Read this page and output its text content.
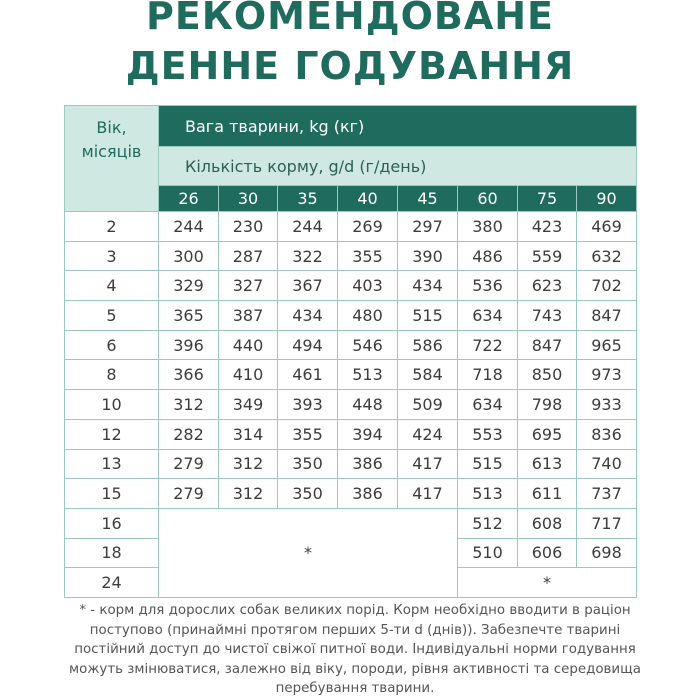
РЕКОМЕНДОВАНЕ
ДЕННЕ ГОДУВАННЯ
Вік,
місяців	Вага тварини, kg (кг)							
	Кількість корму, g/d (г/день)							
	26	30	35	40	45	60	75	90
2	244	230	244	269	297	380	423	469
3	300	287	322	355	390	486	559	632
4	329	327	367	403	434	536	623	702
5	365	387	434	480	515	634	743	847
6	396	440	494	546	586	722	847	965
8	366	410	461	513	584	718	850	973
10	312	349	393	448	509	634	798	933
12	282	314	355	394	424	553	695	836
13	279	312	350	386	417	515	613	740
15	279	312	350	386	417	513	611	737
16	*					512	608	717
18						510	606	698
24						*		
* - корм для дорослих собак великих порід. Корм необхідно вводити в раціон поступово (принаймні протягом перших 5-ти d (днів)). Забезпечте тварині постійний доступ до чистої свіжої питної води. Індивідуальні норми годування можуть змінюватися, залежно від віку, породи, рівня активності та середовища перебування тварини.
